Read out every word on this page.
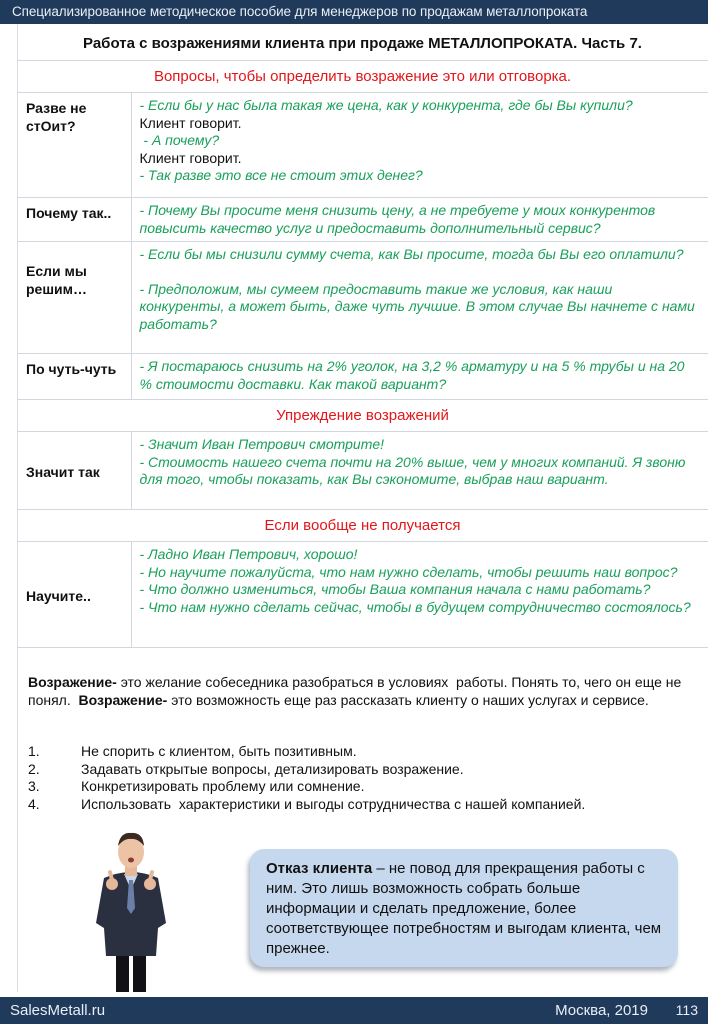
Специализированное методическое пособие для менеджеров по продажам металлопроката
Работа с возражениями клиента при продаже МЕТАЛЛОПРОКАТА. Часть 7.
Вопросы, чтобы определить возражение это или отговорка.	
Разве не стОит?	- Если бы у нас была такая же цена, как у конкурента, где бы Вы купили?
Клиент говорит.
- А почему?
Клиент говорит.
- Так разве это все не стоит этих денег?

Почему так..	- Почему Вы просите меня снизить цену, а не требуете у моих конкурентов повысить качество услуг и предоставить дополнительный сервис?

Если мы решим…	- Если бы мы снизили сумму счета, как Вы просите, тогда бы Вы его оплатили?
- Предположим, мы сумеем предоставить такие же условия, как наши конкуренты, а может быть, даже чуть лучшие. В этом случае Вы начнете с нами работать?

По чуть-чуть	- Я постараюсь снизить на 2% уголок, на 3,2 % арматуру и на 5 % трубы и на 20 % стоимости доставки. Как такой вариант?

Упреждение возражений	
Значит так	- Значит Иван Петрович смотрите!
- Стоимость нашего счета почти на 20% выше, чем у многих компаний. Я звоню для того, чтобы показать, как Вы сэкономите, выбрав наш вариант.

Если вообще не получается	
Научите..	- Ладно Иван Петрович, хорошо!
- Но научите пожалуйста, что нам нужно сделать, чтобы решить наш вопрос?
- Что должно измениться, чтобы Ваша компания начала с нами работать?
- Что нам нужно сделать сейчас, чтобы в будущем сотрудничество состоялось?

Возражение- это желание собеседника разобраться в условиях  работы. Понять то, чего он еще не понял.  Возражение- это возможность еще раз рассказать клиенту о наших услугах и сервисе.

1.	Не спорить с клиентом, быть позитивным.
2.	Задавать открытые вопросы, детализировать возражение.
3.	Конкретизировать проблему или сомнение.
4.	Использовать  характеристики и выгоды сотрудничества с нашей компанией.
Отказ клиента – не повод для прекращения работы с ним. Это лишь возможность собрать больше информации и сделать предложение, более соответствующее потребностям и выгодам клиента, чем прежнее.
SalesMetall.ru	Москва, 2019 113
